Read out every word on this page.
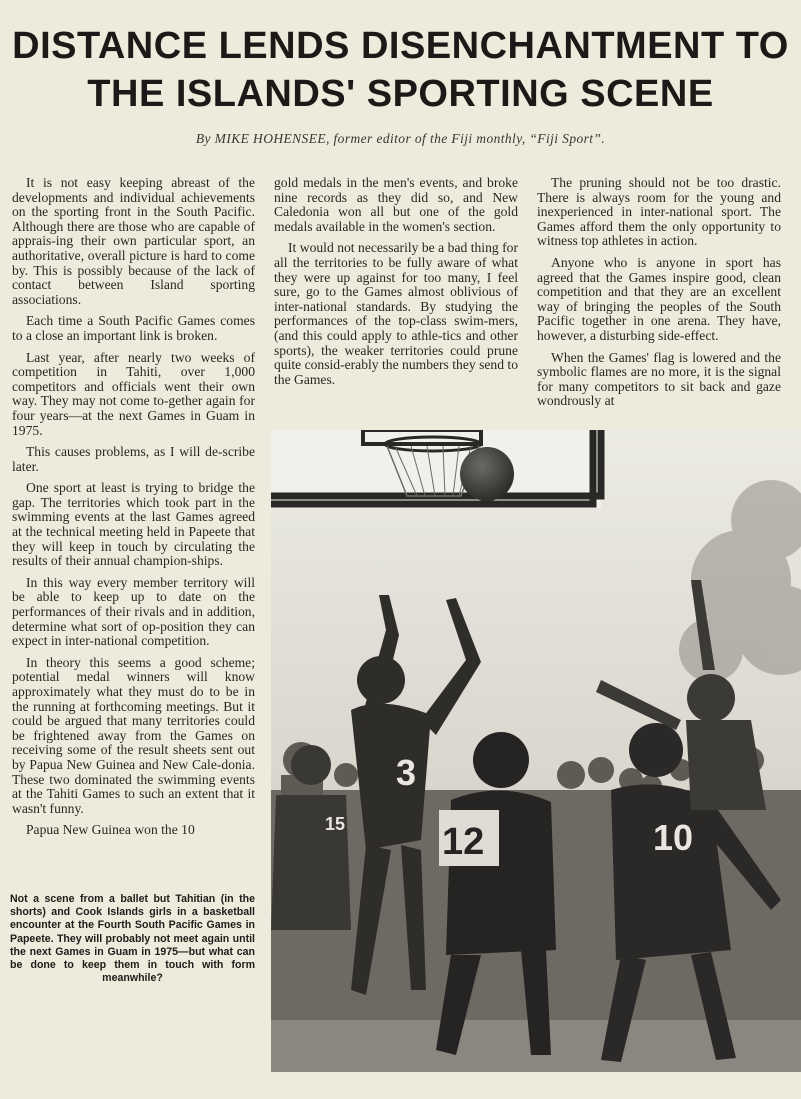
DISTANCE LENDS DISENCHANTMENT TO
THE ISLANDS' SPORTING SCENE

By MIKE HOHENSEE, former editor of the Fiji monthly, “Fiji Sport”.

It is not easy keeping abreast of the developments and individual achievements on the sporting front in the South Pacific. Although there are those who are capable of apprais-ing their own particular sport, an authoritative, overall picture is hard to come by. This is possibly because of the lack of contact between Island sporting associations.

Each time a South Pacific Games comes to a close an important link is broken.

Last year, after nearly two weeks of competition in Tahiti, over 1,000 competitors and officials went their own way. They may not come to-gether again for four years—at the next Games in Guam in 1975.

This causes problems, as I will de-scribe later.

One sport at least is trying to bridge the gap. The territories which took part in the swimming events at the last Games agreed at the technical meeting held in Papeete that they will keep in touch by circulating the results of their annual champion-ships.

In this way every member territory will be able to keep up to date on the performances of their rivals and in addition, determine what sort of op-position they can expect in inter-national competition.

In theory this seems a good scheme; potential medal winners will know approximately what they must do to be in the running at forthcoming meetings. But it could be argued that many territories could be frightened away from the Games on receiving some of the result sheets sent out by Papua New Guinea and New Cale-donia. These two dominated the swimming events at the Tahiti Games to such an extent that it wasn't funny.

Papua New Guinea won the 10

gold medals in the men's events, and broke nine records as they did so, and New Caledonia won all but one of the gold medals available in the women's section.

It would not necessarily be a bad thing for all the territories to be fully aware of what they were up against for too many, I feel sure, go to the Games almost oblivious of inter-national standards. By studying the performances of the top-class swim-mers, (and this could apply to athle-tics and other sports), the weaker territories could prune quite consid-erably the numbers they send to the Games.

The pruning should not be too drastic. There is always room for the young and inexperienced in inter-national sport. The Games afford them the only opportunity to witness top athletes in action.

Anyone who is anyone in sport has agreed that the Games inspire good, clean competition and that they are an excellent way of bringing the peoples of the South Pacific together in one arena. They have, however, a disturbing side-effect.

When the Games' flag is lowered and the symbolic flames are no more, it is the signal for many competitors to sit back and gaze wondrously at

Not a scene from a ballet but Tahitian (in the shorts) and Cook Islands girls in a basketball encounter at the Fourth South Pacific Games in Papeete. They will probably not meet again until the next Games in Guam in 1975—but what can be done to keep them in touch with form meanwhile?
3
12	10
15
